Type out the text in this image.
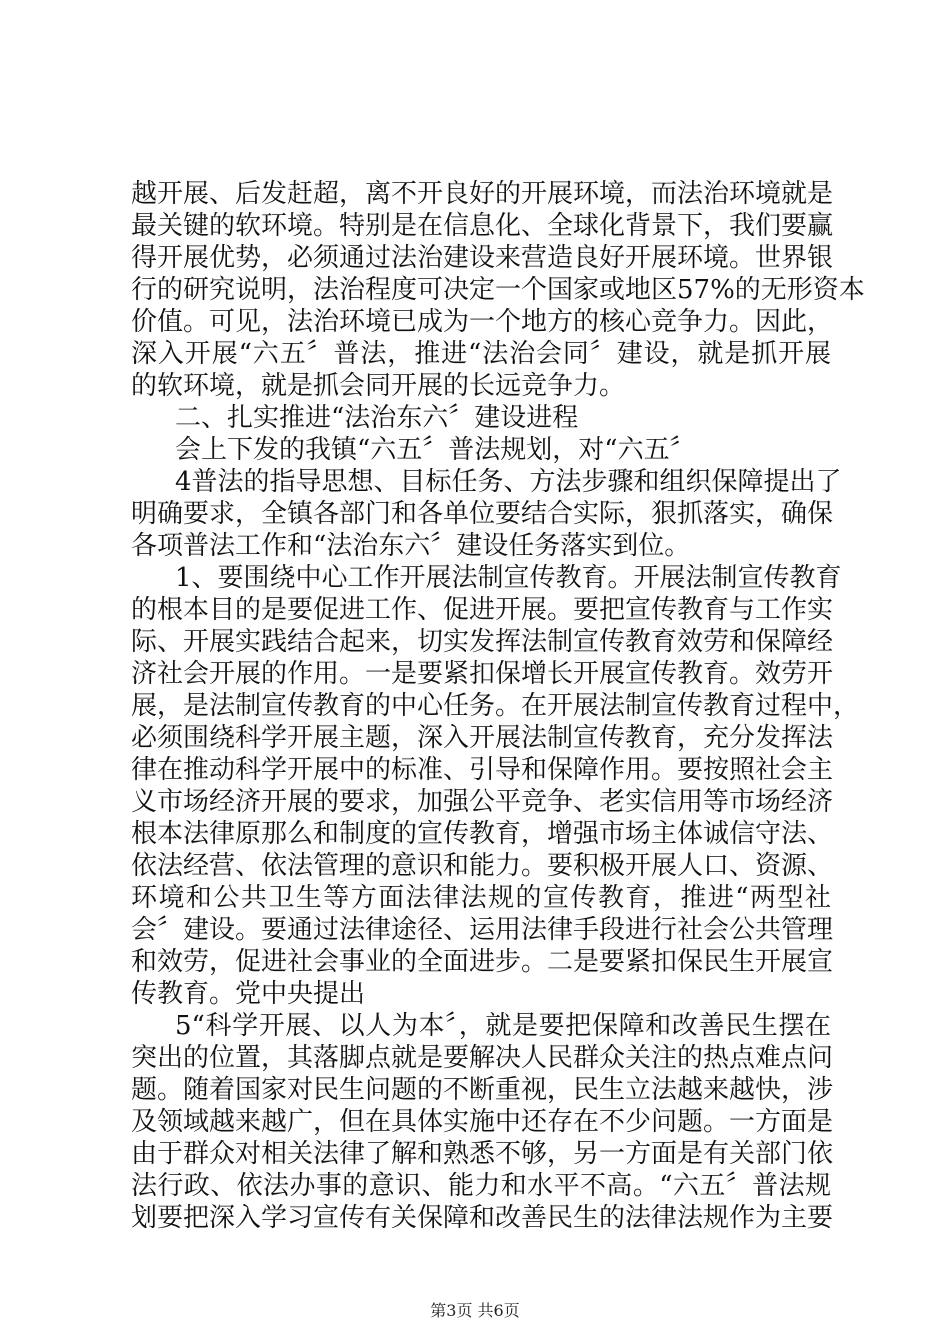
越开展、后发赶超，离不开良好的开展环境，而法治环境就是
最关键的软环境。特别是在信息化、全球化背景下，我们要赢
得开展优势，必须通过法治建设来营造良好开展环境。世界银
行的研究说明，法治程度可决定一个国家或地区57%的无形资本
价值。可见，法治环境已成为一个地方的核心竞争力。因此，
深入开展“六五〞普法，推进“法治会同〞建设，就是抓开展
的软环境，就是抓会同开展的长远竞争力。
二、扎实推进“法治东六〞建设进程
会上下发的我镇“六五〞普法规划，对“六五〞
4普法的指导思想、目标任务、方法步骤和组织保障提出了
明确要求，全镇各部门和各单位要结合实际，狠抓落实，确保
各项普法工作和“法治东六〞建设任务落实到位。
1、要围绕中心工作开展法制宣传教育。开展法制宣传教育
的根本目的是要促进工作、促进开展。要把宣传教育与工作实
际、开展实践结合起来，切实发挥法制宣传教育效劳和保障经
济社会开展的作用。一是要紧扣保增长开展宣传教育。效劳开
展，是法制宣传教育的中心任务。在开展法制宣传教育过程中，
必须围绕科学开展主题，深入开展法制宣传教育，充分发挥法
律在推动科学开展中的标准、引导和保障作用。要按照社会主
义市场经济开展的要求，加强公平竞争、老实信用等市场经济
根本法律原那么和制度的宣传教育，增强市场主体诚信守法、
依法经营、依法管理的意识和能力。要积极开展人口、资源、
环境和公共卫生等方面法律法规的宣传教育，推进“两型社
会〞建设。要通过法律途径、运用法律手段进行社会公共管理
和效劳，促进社会事业的全面进步。二是要紧扣保民生开展宣
传教育。党中央提出
5“科学开展、以人为本〞，就是要把保障和改善民生摆在
突出的位置，其落脚点就是要解决人民群众关注的热点难点问
题。随着国家对民生问题的不断重视，民生立法越来越快，涉
及领域越来越广，但在具体实施中还存在不少问题。一方面是
由于群众对相关法律了解和熟悉不够，另一方面是有关部门依
法行政、依法办事的意识、能力和水平不高。“六五〞普法规
划要把深入学习宣传有关保障和改善民生的法律法规作为主要
第3页 共6页
